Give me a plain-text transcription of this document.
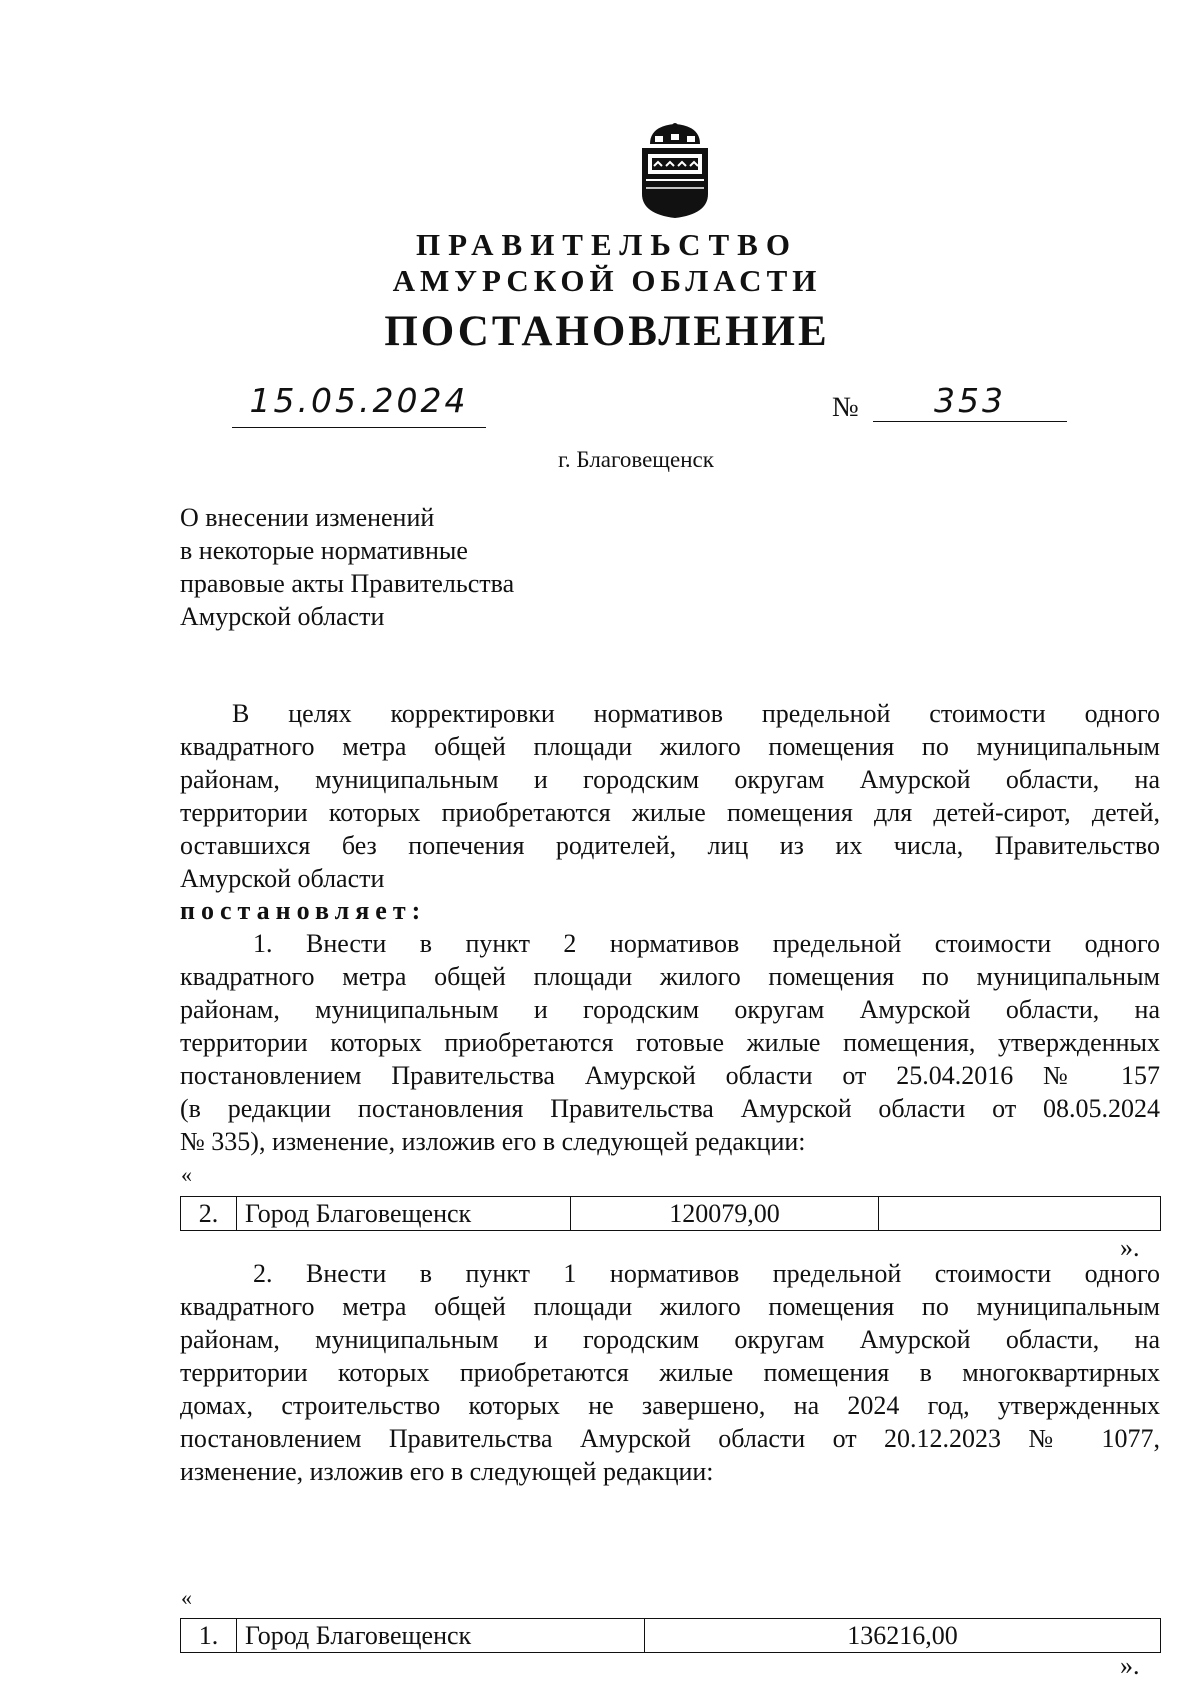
ПРАВИТЕЛЬСТВО
АМУРСКОЙ ОБЛАСТИ
ПОСТАНОВЛЕНИЕ
15.05.2024	№	353
г. Благовещенск
О внесении изменений
в некоторые нормативные
правовые акты Правительства
Амурской области
В целях корректировки нормативов предельной стоимости одного
квадратного метра общей площади жилого помещения по муниципальным
районам, муниципальным и городским округам Амурской области, на
территории которых приобретаются жилые помещения для детей-сирот, детей,
оставшихся без попечения родителей, лиц из их числа, Правительство
Амурской области
постановляет:
1. Внести в пункт 2 нормативов предельной стоимости одного
квадратного метра общей площади жилого помещения по муниципальным
районам, муниципальным и городским округам Амурской области, на
территории которых приобретаются готовые жилые помещения, утвержденных
постановлением Правительства Амурской области от 25.04.2016 № 157
(в редакции постановления Правительства Амурской области от 08.05.2024
№ 335), изменение, изложив его в следующей редакции:
«
2.	Город Благовещенск	120079,00	
».
2. Внести в пункт 1 нормативов предельной стоимости одного
квадратного метра общей площади жилого помещения по муниципальным
районам, муниципальным и городским округам Амурской области, на
территории которых приобретаются жилые помещения в многоквартирных
домах, строительство которых не завершено, на 2024 год, утвержденных
постановлением Правительства Амурской области от 20.12.2023 № 1077,
изменение, изложив его в следующей редакции:
«
1.	Город Благовещенск	136216,00
».
